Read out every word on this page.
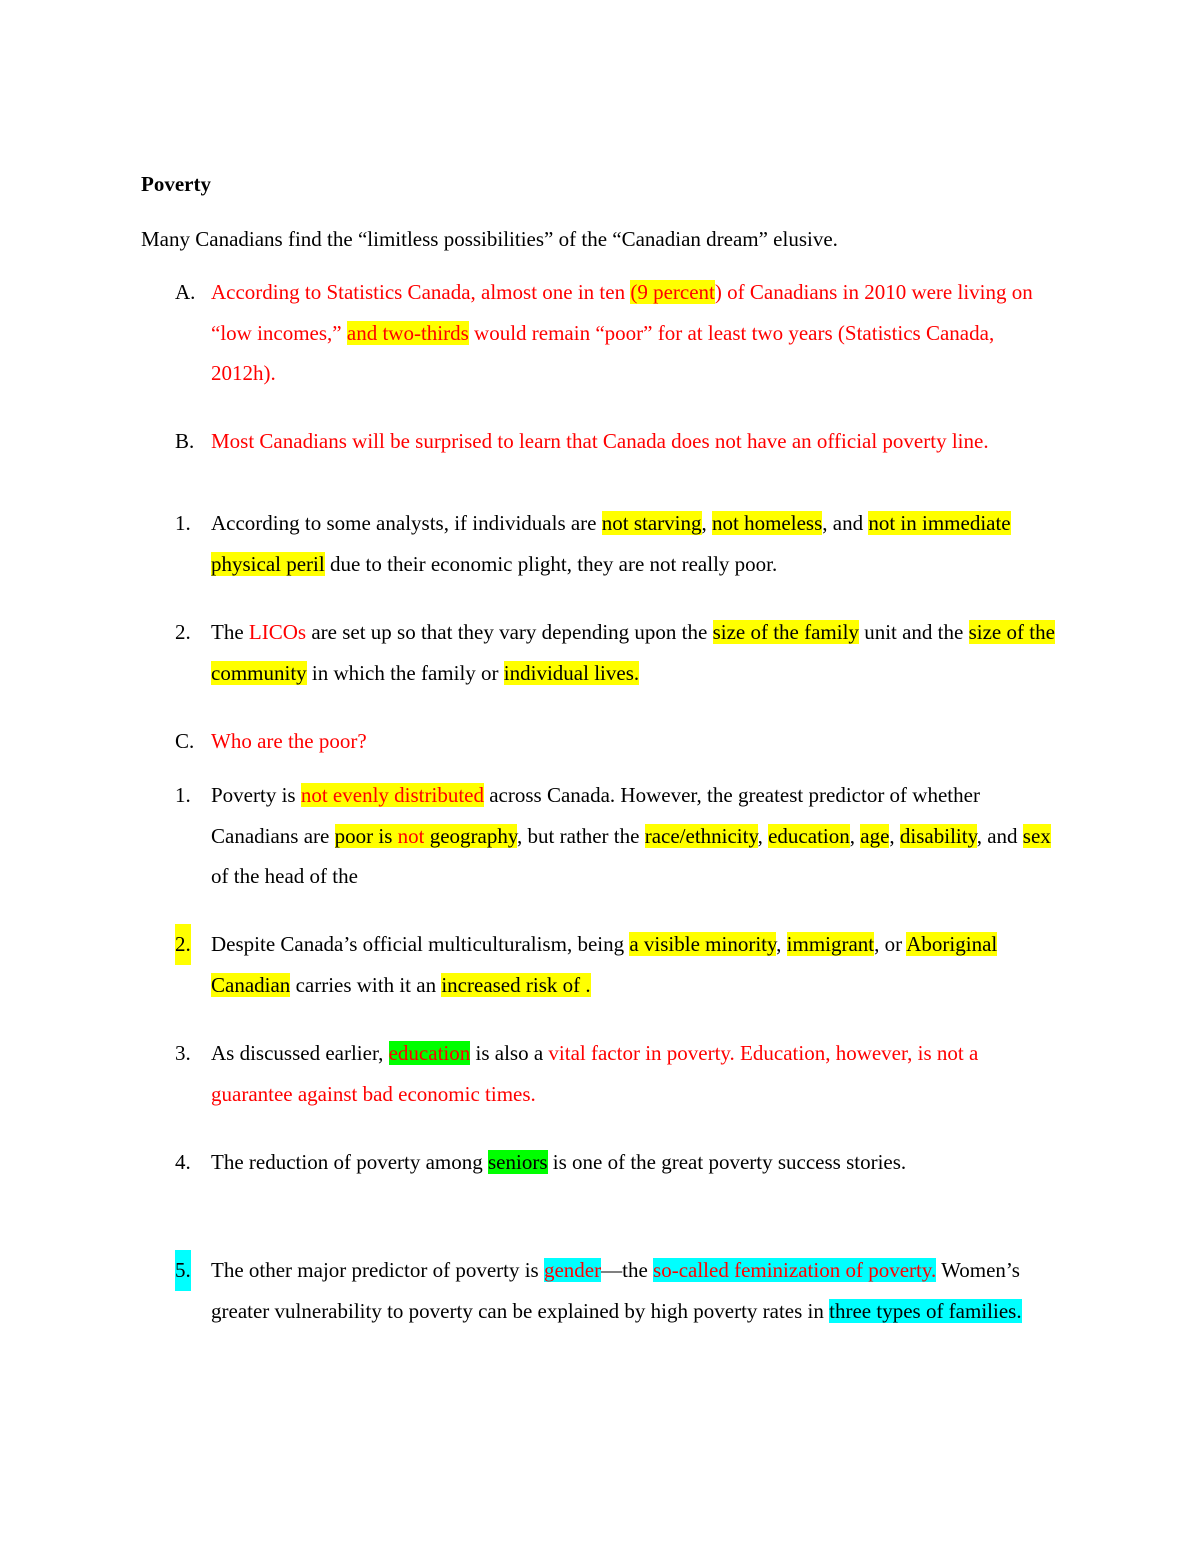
Poverty

Many Canadians find the “limitless possibilities” of the “Canadian dream” elusive.

A. According to Statistics Canada, almost one in ten (9 percent) of Canadians in 2010 were living on “low incomes,” and two-thirds would remain “poor” for at least two years (Statistics Canada, 2012h).
B. Most Canadians will be surprised to learn that Canada does not have an official poverty line.
1. According to some analysts, if individuals are not starving, not homeless, and not in immediate physical peril due to their economic plight, they are not really poor.
2. The LICOs are set up so that they vary depending upon the size of the family unit and the size of the community in which the family or individual lives.
C. Who are the poor?
1. Poverty is not evenly distributed across Canada. However, the greatest predictor of whether Canadians are poor is not geography, but rather the race/ethnicity, education, age, disability, and sex of the head of the
2. Despite Canada’s official multiculturalism, being a visible minority, immigrant, or Aboriginal Canadian carries with it an increased risk of .
3. As discussed earlier, education is also a vital factor in poverty. Education, however, is not a guarantee against bad economic times.
4. The reduction of poverty among seniors is one of the great poverty success stories.
5. The other major predictor of poverty is gender—the so-called feminization of poverty. Women’s greater vulnerability to poverty can be explained by high poverty rates in three types of families.
